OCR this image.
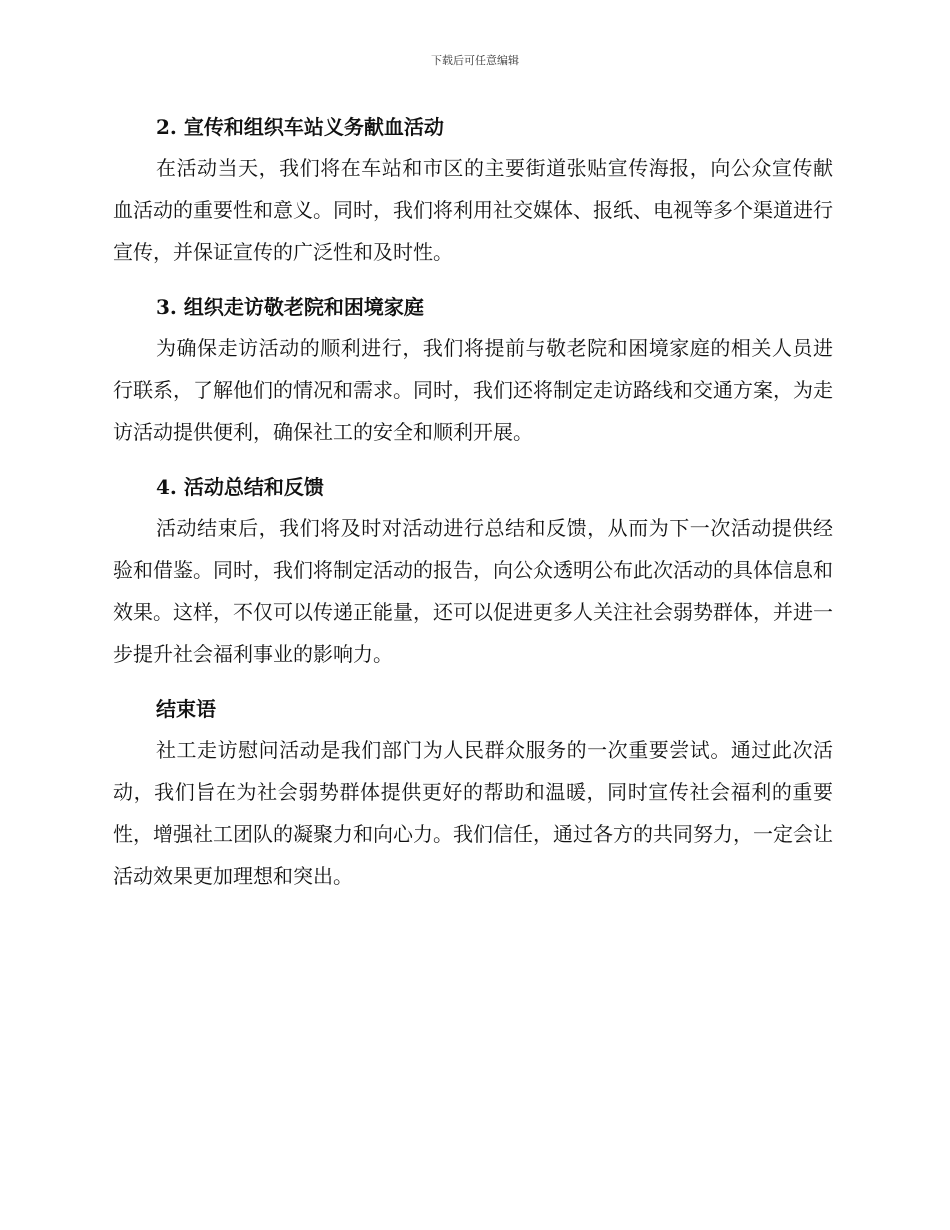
下载后可任意编辑
2. 宣传和组织车站义务献血活动

在活动当天，我们将在车站和市区的主要街道张贴宣传海报，向公众宣传献血活动的重要性和意义。同时，我们将利用社交媒体、报纸、电视等多个渠道进行宣传，并保证宣传的广泛性和及时性。

3. 组织走访敬老院和困境家庭

为确保走访活动的顺利进行，我们将提前与敬老院和困境家庭的相关人员进行联系，了解他们的情况和需求。同时，我们还将制定走访路线和交通方案，为走访活动提供便利，确保社工的安全和顺利开展。

4. 活动总结和反馈

活动结束后，我们将及时对活动进行总结和反馈，从而为下一次活动提供经验和借鉴。同时，我们将制定活动的报告，向公众透明公布此次活动的具体信息和效果。这样，不仅可以传递正能量，还可以促进更多人关注社会弱势群体，并进一步提升社会福利事业的影响力。

结束语

社工走访慰问活动是我们部门为人民群众服务的一次重要尝试。通过此次活动，我们旨在为社会弱势群体提供更好的帮助和温暖，同时宣传社会福利的重要性，增强社工团队的凝聚力和向心力。我们信任，通过各方的共同努力，一定会让活动效果更加理想和突出。
